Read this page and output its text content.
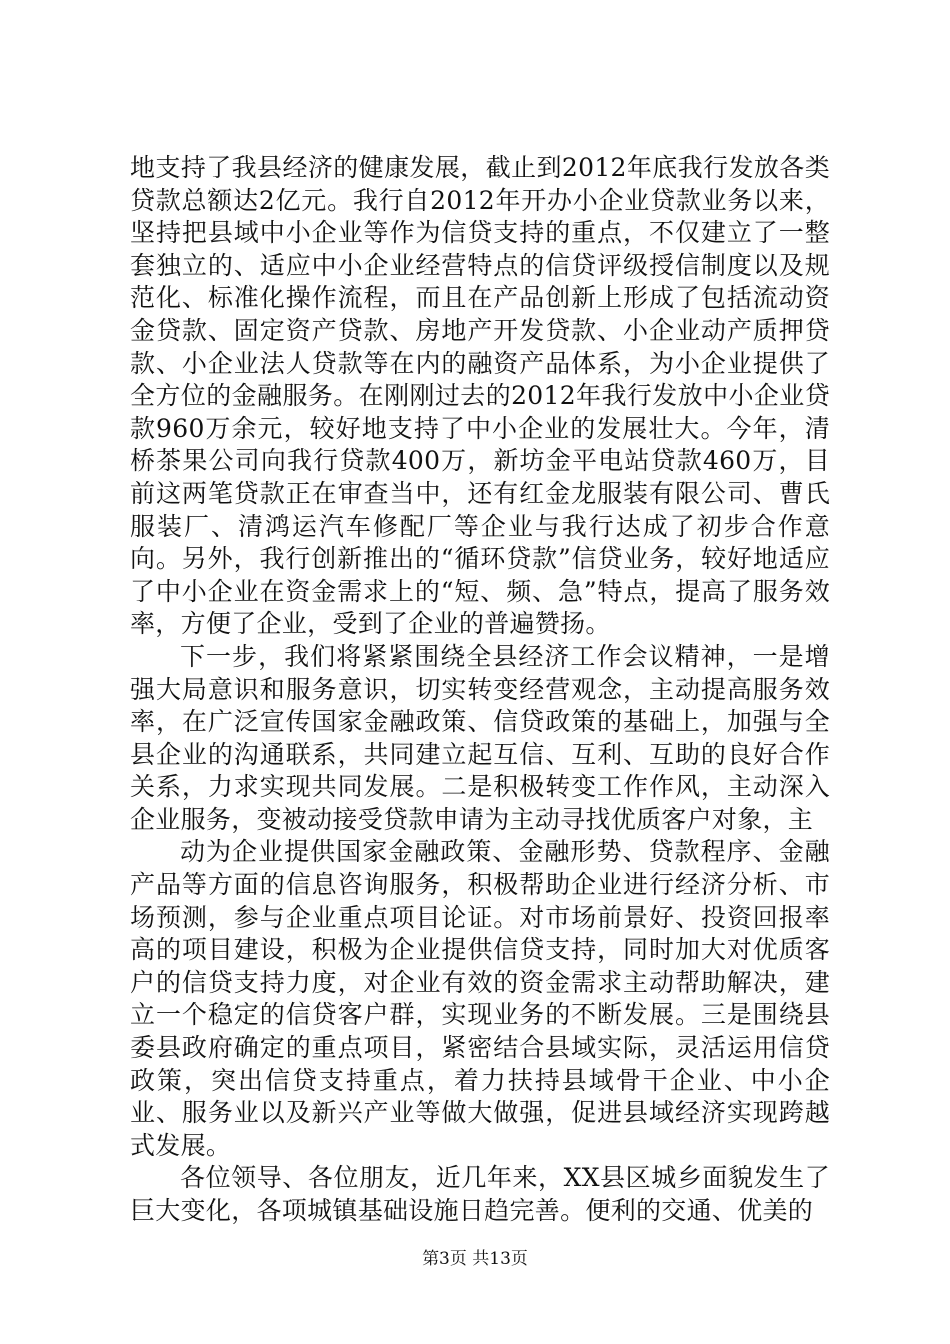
地支持了我县经济的健康发展，截止到2012年底我行发放各类贷款总额达2亿元。我行自2012年开办小企业贷款业务以来，坚持把县域中小企业等作为信贷支持的重点，不仅建立了一整套独立的、适应中小企业经营特点的信贷评级授信制度以及规范化、标准化操作流程，而且在产品创新上形成了包括流动资金贷款、固定资产贷款、房地产开发贷款、小企业动产质押贷款、小企业法人贷款等在内的融资产品体系，为小企业提供了全方位的金融服务。在刚刚过去的2012年我行发放中小企业贷款960万余元，较好地支持了中小企业的发展壮大。今年，清桥茶果公司向我行贷款400万，新坊金平电站贷款460万，目前这两笔贷款正在审查当中，还有红金龙服装有限公司、曹氏服装厂、清鸿运汽车修配厂等企业与我行达成了初步合作意向。另外，我行创新推出的“循环贷款”信贷业务，较好地适应了中小企业在资金需求上的“短、频、急”特点，提高了服务效率，方便了企业，受到了企业的普遍赞扬。

下一步，我们将紧紧围绕全县经济工作会议精神，一是增强大局意识和服务意识，切实转变经营观念，主动提高服务效率，在广泛宣传国家金融政策、信贷政策的基础上，加强与全县企业的沟通联系，共同建立起互信、互利、互助的良好合作关系，力求实现共同发展。二是积极转变工作作风，主动深入企业服务，变被动接受贷款申请为主动寻找优质客户对象，主

动为企业提供国家金融政策、金融形势、贷款程序、金融产品等方面的信息咨询服务，积极帮助企业进行经济分析、市场预测，参与企业重点项目论证。对市场前景好、投资回报率高的项目建设，积极为企业提供信贷支持，同时加大对优质客户的信贷支持力度，对企业有效的资金需求主动帮助解决，建立一个稳定的信贷客户群，实现业务的不断发展。三是围绕县委县政府确定的重点项目，紧密结合县域实际，灵活运用信贷政策，突出信贷支持重点，着力扶持县域骨干企业、中小企业、服务业以及新兴产业等做大做强，促进县域经济实现跨越式发展。

各位领导、各位朋友，近几年来，XX县区城乡面貌发生了巨大变化，各项城镇基础设施日趋完善。便利的交通、优美的

第3页 共13页
